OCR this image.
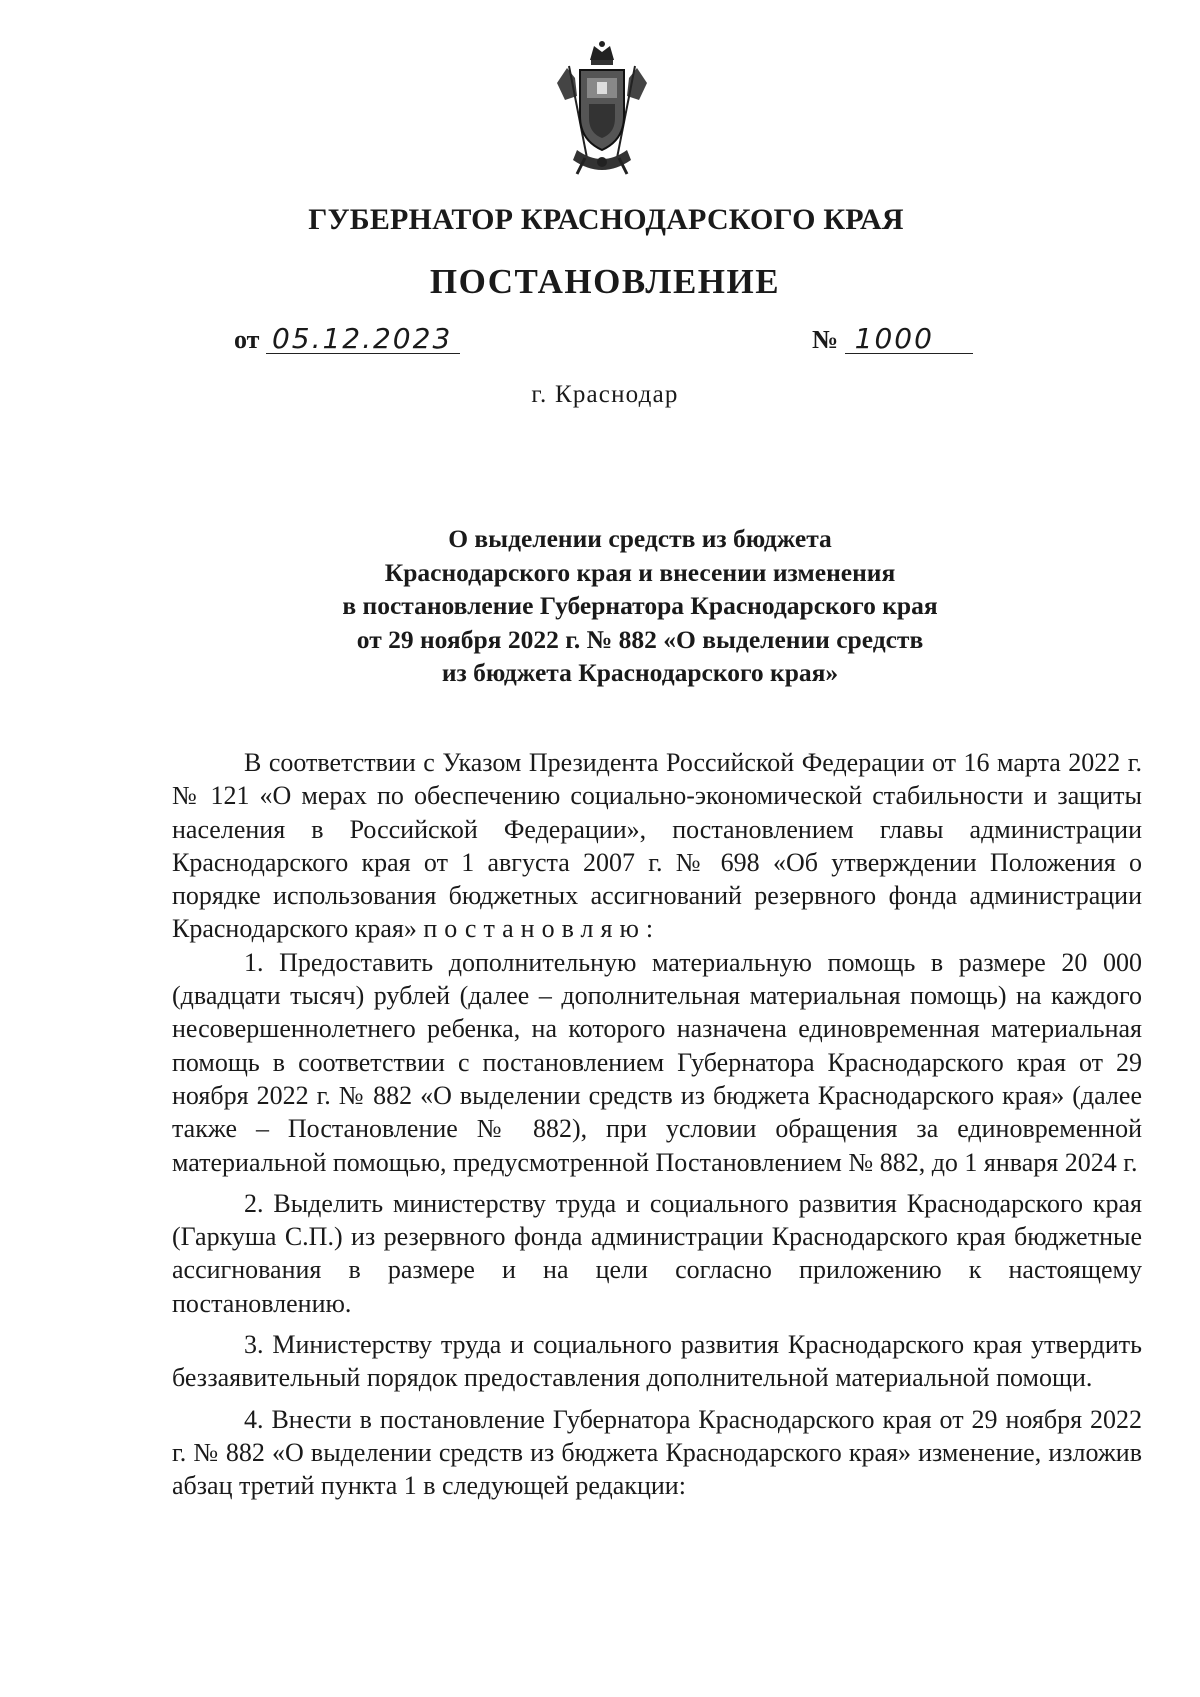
ГУБЕРНАТОР КРАСНОДАРСКОГО КРАЯ
ПОСТАНОВЛЕНИЕ
от 05.12.2023	№ 1000
г. Краснодар
О выделении средств из бюджета
Краснодарского края и внесении изменения
в постановление Губернатора Краснодарского края
от 29 ноября 2022 г. № 882 «О выделении средств
из бюджета Краснодарского края»

В соответствии с Указом Президента Российской Федерации от 16 марта 2022 г. № 121 «О мерах по обеспечению социально-экономической стабильности и защиты населения в Российской Федерации», постановлением главы администрации Краснодарского края от 1 августа 2007 г. № 698 «Об утверждении Положения о порядке использования бюджетных ассигнований резервного фонда администрации Краснодарского края» постановляю:

1. Предоставить дополнительную материальную помощь в размере 20 000 (двадцати тысяч) рублей (далее – дополнительная материальная помощь) на каждого несовершеннолетнего ребенка, на которого назначена единовременная материальная помощь в соответствии с постановлением Губернатора Краснодарского края от 29 ноября 2022 г. № 882 «О выделении средств из бюджета Краснодарского края» (далее также – Постановление № 882), при условии обращения за единовременной материальной помощью, предусмотренной Постановлением № 882, до 1 января 2024 г.

2. Выделить министерству труда и социального развития Краснодарского края (Гаркуша С.П.) из резервного фонда администрации Краснодарского края бюджетные ассигнования в размере и на цели согласно приложению к настоящему постановлению.

3. Министерству труда и социального развития Краснодарского края утвердить беззаявительный порядок предоставления дополнительной материальной помощи.

4. Внести в постановление Губернатора Краснодарского края от 29 ноября 2022 г. № 882 «О выделении средств из бюджета Краснодарского края» изменение, изложив абзац третий пункта 1 в следующей редакции:
